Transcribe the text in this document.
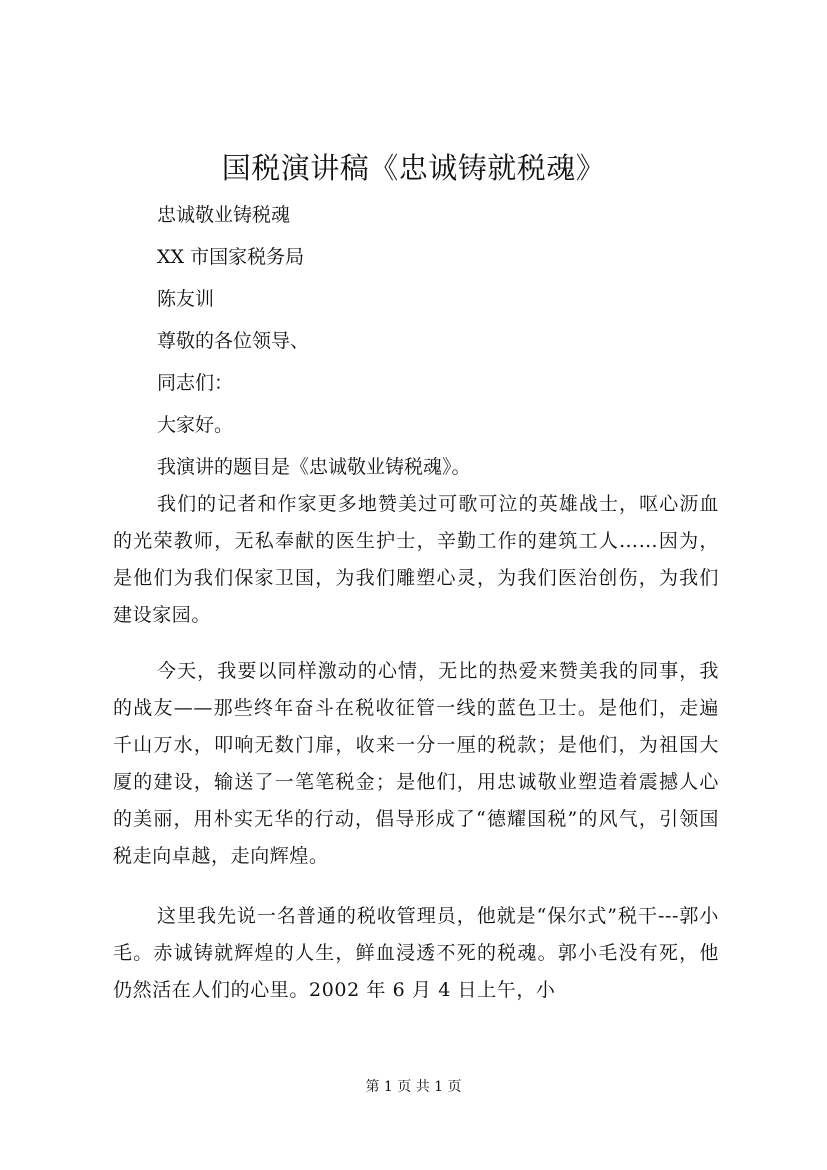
国税演讲稿《忠诚铸就税魂》

忠诚敬业铸税魂

XX 市国家税务局

陈友训

尊敬的各位领导、

同志们：

大家好。

我演讲的题目是《忠诚敬业铸税魂》。

我们的记者和作家更多地赞美过可歌可泣的英雄战士，呕心沥血的光荣教师，无私奉献的医生护士，辛勤工作的建筑工人……因为，是他们为我们保家卫国，为我们雕塑心灵，为我们医治创伤，为我们建设家园。

今天，我要以同样激动的心情，无比的热爱来赞美我的同事，我的战友——那些终年奋斗在税收征管一线的蓝色卫士。是他们，走遍千山万水，叩响无数门扉，收来一分一厘的税款；是他们，为祖国大厦的建设，输送了一笔笔税金；是他们，用忠诚敬业塑造着震撼人心的美丽，用朴实无华的行动，倡导形成了“德耀国税”的风气，引领国税走向卓越，走向辉煌。

这里我先说一名普通的税收管理员，他就是“保尔式”税干---郭小毛。赤诚铸就辉煌的人生，鲜血浸透不死的税魂。郭小毛没有死，他仍然活在人们的心里。2002 年 6 月 4 日上午，小

第 1 页 共 1 页
